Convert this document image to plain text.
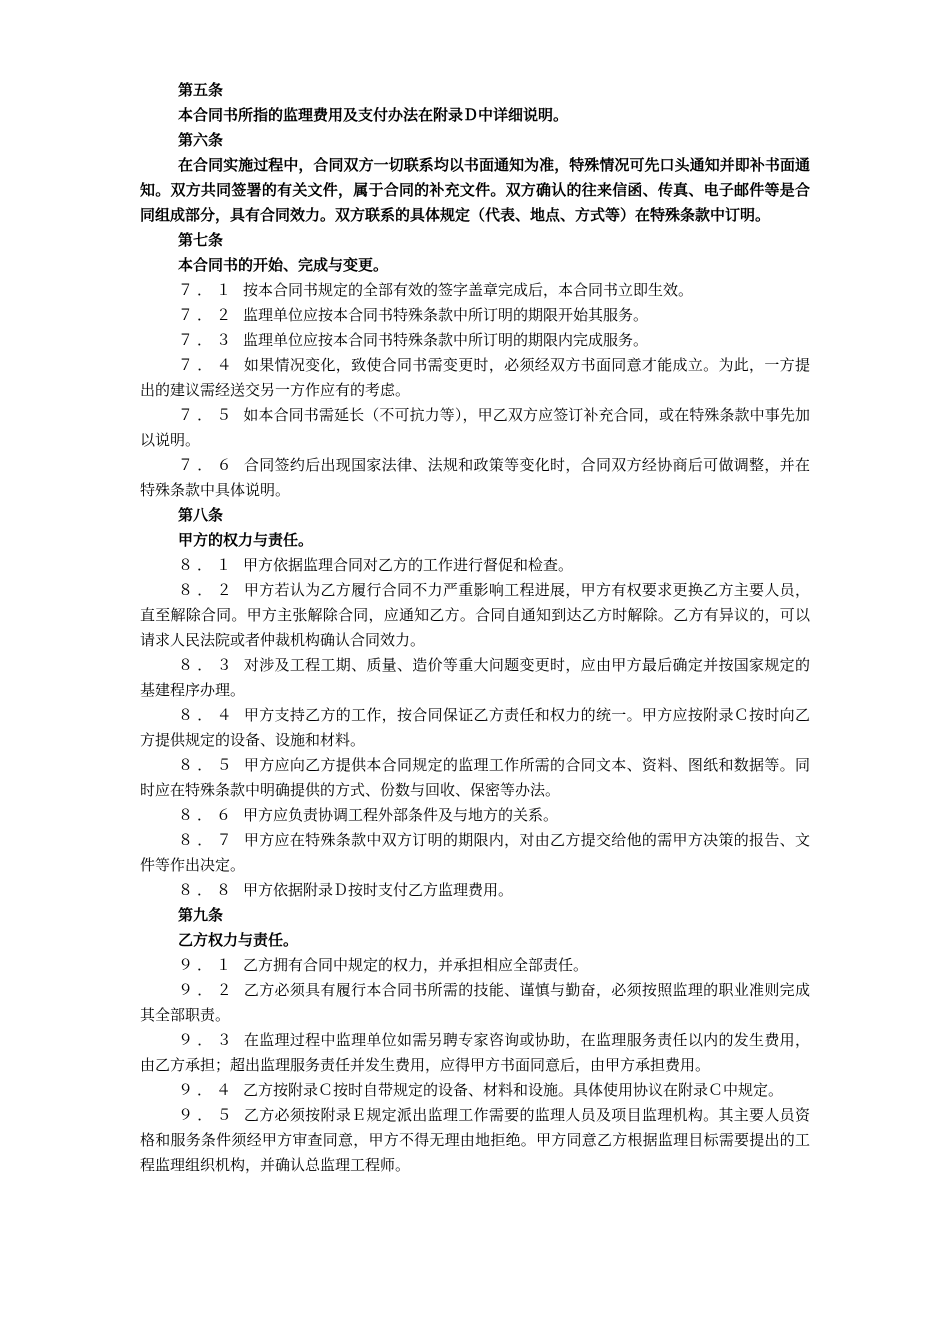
第五条

本合同书所指的监理费用及支付办法在附录Ｄ中详细说明。

第六条

在合同实施过程中，合同双方一切联系均以书面通知为准，特殊情况可先口头通知并即补书面通知。双方共同签署的有关文件，属于合同的补充文件。双方确认的往来信函、传真、电子邮件等是合同组成部分，具有合同效力。双方联系的具体规定（代表、地点、方式等）在特殊条款中订明。

第七条

本合同书的开始、完成与变更。

７．１ 按本合同书规定的全部有效的签字盖章完成后，本合同书立即生效。

７．２ 监理单位应按本合同书特殊条款中所订明的期限开始其服务。

７．３ 监理单位应按本合同书特殊条款中所订明的期限内完成服务。

７．４ 如果情况变化，致使合同书需变更时，必须经双方书面同意才能成立。为此，一方提出的建议需经送交另一方作应有的考虑。

７．５ 如本合同书需延长（不可抗力等），甲乙双方应签订补充合同，或在特殊条款中事先加以说明。

７．６ 合同签约后出现国家法律、法规和政策等变化时，合同双方经协商后可做调整，并在特殊条款中具体说明。

第八条

甲方的权力与责任。

８．１ 甲方依据监理合同对乙方的工作进行督促和检查。

８．２ 甲方若认为乙方履行合同不力严重影响工程进展，甲方有权要求更换乙方主要人员，直至解除合同。甲方主张解除合同，应通知乙方。合同自通知到达乙方时解除。乙方有异议的，可以请求人民法院或者仲裁机构确认合同效力。

８．３ 对涉及工程工期、质量、造价等重大问题变更时，应由甲方最后确定并按国家规定的基建程序办理。

８．４ 甲方支持乙方的工作，按合同保证乙方责任和权力的统一。甲方应按附录Ｃ按时向乙方提供规定的设备、设施和材料。

８．５ 甲方应向乙方提供本合同规定的监理工作所需的合同文本、资料、图纸和数据等。同时应在特殊条款中明确提供的方式、份数与回收、保密等办法。

８．６ 甲方应负责协调工程外部条件及与地方的关系。

８．７ 甲方应在特殊条款中双方订明的期限内，对由乙方提交给他的需甲方决策的报告、文件等作出决定。

８．８ 甲方依据附录Ｄ按时支付乙方监理费用。

第九条

乙方权力与责任。

９．１ 乙方拥有合同中规定的权力，并承担相应全部责任。

９．２ 乙方必须具有履行本合同书所需的技能、谨慎与勤奋，必须按照监理的职业准则完成其全部职责。

９．３ 在监理过程中监理单位如需另聘专家咨询或协助，在监理服务责任以内的发生费用，由乙方承担；超出监理服务责任并发生费用，应得甲方书面同意后，由甲方承担费用。

９．４ 乙方按附录Ｃ按时自带规定的设备、材料和设施。具体使用协议在附录Ｃ中规定。

９．５ 乙方必须按附录Ｅ规定派出监理工作需要的监理人员及项目监理机构。其主要人员资格和服务条件须经甲方审查同意，甲方不得无理由地拒绝。甲方同意乙方根据监理目标需要提出的工程监理组织机构，并确认总监理工程师。
